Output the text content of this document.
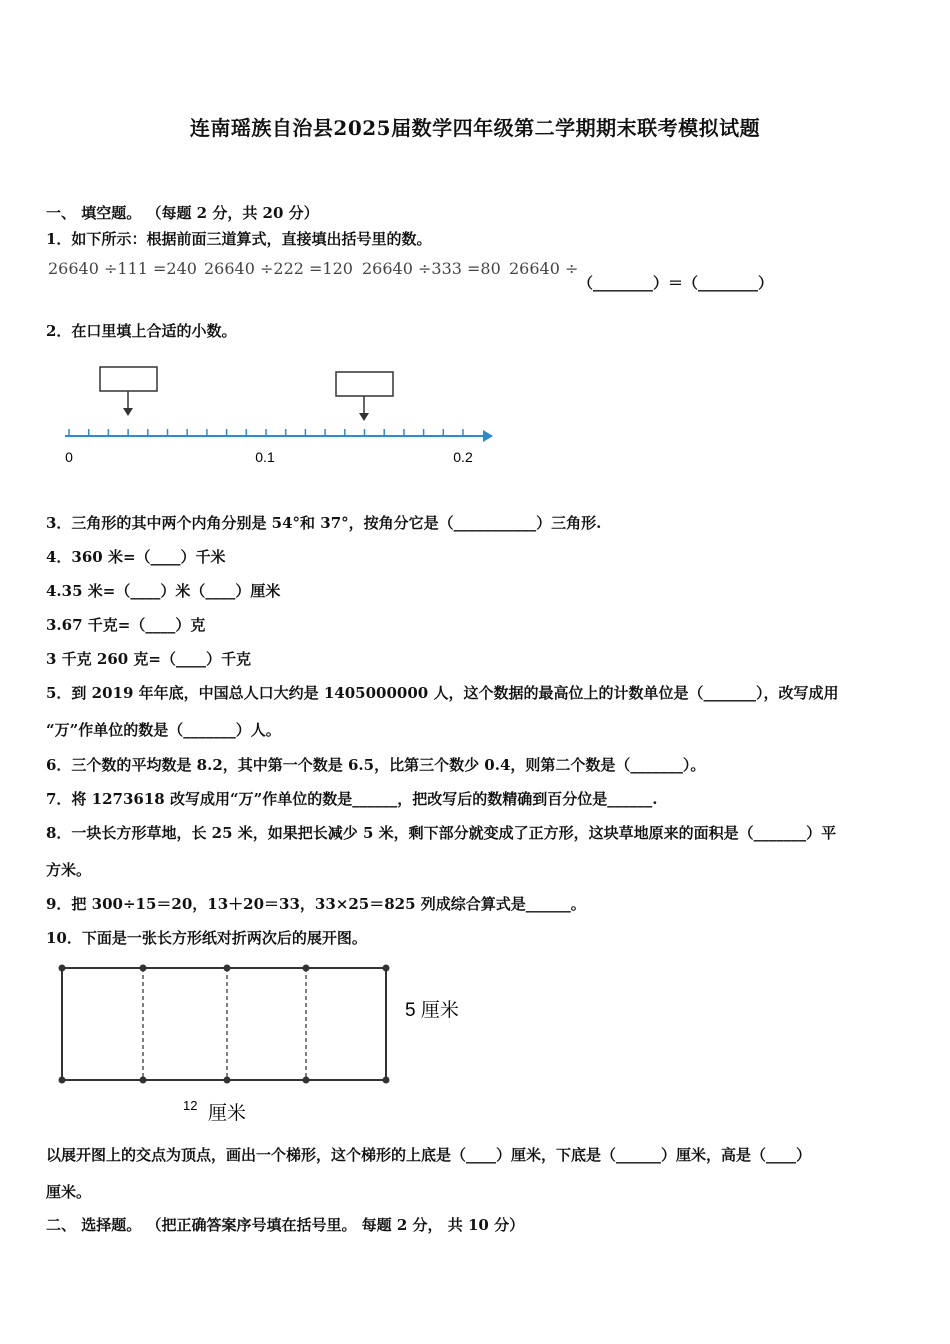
连南瑶族自治县2025届数学四年级第二学期期末联考模拟试题
一、 填空题。 （每题 2 分，共 20 分）
1．如下所示：根据前面三道算式，直接填出括号里的数。
26640 ÷111 =240 26640 ÷222 =120 26640 ÷333 =80 26640 ÷
（________）＝（________）
2．在口里填上合适的小数。
0	0.1	0.2
3．三角形的其中两个内角分别是 54°和 37°，按角分它是（___________）三角形.
4．360 米=（____）千米
4.35 米=（____）米（____）厘米
3.67 千克=（____）克
3 千克 260 克=（____）千克
5．到 2019 年年底，中国总人口大约是 1405000000 人，这个数据的最高位上的计数单位是（_______），改写成用
“万”作单位的数是（_______）人。
6．三个数的平均数是 8.2，其中第一个数是 6.5，比第三个数少 0.4，则第二个数是（_______）。
7．将 1273618 改写成用“万”作单位的数是______，把改写后的数精确到百分位是______.
8．一块长方形草地，长 25 米，如果把长减少 5 米，剩下部分就变成了正方形，这块草地原来的面积是（_______）平
方米。
9．把 300÷15＝20，13＋20＝33，33×25＝825 列成综合算式是______。
10．下面是一张长方形纸对折两次后的展开图。
5 厘米
12 厘米
以展开图上的交点为顶点，画出一个梯形，这个梯形的上底是（____）厘米，下底是（______）厘米，高是（____）
厘米。
二、 选择题。 （把正确答案序号填在括号里。 每题 2 分， 共 10 分）
